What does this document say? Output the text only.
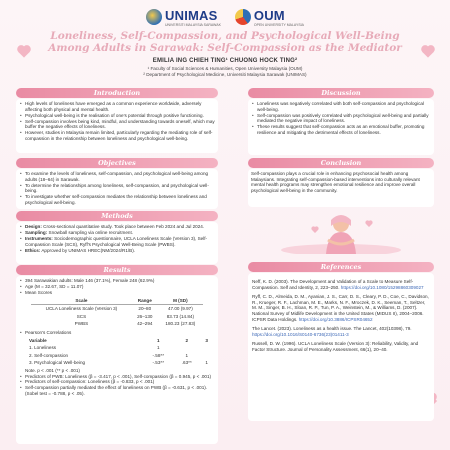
UNIMAS
UNIVERSITI MALAYSIA SARAWAK
OUM
OPEN UNIVERSITY MALAYSIA
Loneliness, Self-Compassion, and Psychological Well-Being Among Adults in Sarawak: Self-Compassion as the Mediator
EMILIA ING CHIEH TING¹ CHUONG HOCK TING²
¹ Faculty of Social Sciences & Humanities, Open University Malaysia (OUM)
² Department of Psychological Medicine, Universiti Malaysia Sarawak (UNIMAS)
Introduction
• High levels of loneliness have emerged as a common experience worldwide, adversely affecting both physical and mental health.
• Psychological well-being is the realisation of one's potential through positive functioning.
• Self-compassion involves being kind, mindful, and understanding towards oneself, which may buffer the negative effects of loneliness.
• However, studies in Malaysia remain limited, particularly regarding the mediating role of self-compassion in the relationship between loneliness and psychological well-being.
Objectives
• To examine the levels of loneliness, self-compassion, and psychological well-being among adults (18–64) in Sarawak.
• To determine the relationships among loneliness, self-compassion, and psychological well-being.
• To investigate whether self-compassion mediates the relationship between loneliness and psychological well-being.
Methods
• Design: Cross-sectional quantitative study. Took place between Feb 2024 and Jul 2024.
• Sampling: Snowball sampling via online recruitment.
• Instruments: Sociodemographic questionnaire, UCLA Loneliness Scale (Version 3), Self-Compassion Scale (SCS), Ryff's Psychological Well-Being Scale (PWBS).
• Ethics: Approved by UNIMAS HREC(NM/2024/R1/B).
Results
• 394 Sarawakian adults: Male 146 (37.1%), Female 248 (62.9%)
• Age (M = 32.67, SD = 11.07)
• Mean Scores
Scale	Range	M (SD)
UCLA Loneliness Scale (Version 3)	20–80	47.00 (9.97)
SCS	26–130	83.73 (14.84)
PWBS	42–294	180.23 (27.83)
• Pearson's Correlations
Variable	1	2	3
1. Loneliness	1		
2. Self-compassion	-.58**	1	
3. Psychological Well-being	-.53**	.63**	1
Note. p < .001 (** p < .001)
• Predictors of PWB: Loneliness (β = -3.417, p < .001), Self-compassion (β = 0.945, p < .001)
• Predictors of self-compassion: Loneliness (β = -0.833, p < .001)
• Self-compassion partially mediated the effect of loneliness on PWB (β = -0.631, p < .001). (Sobel test = -0.788, p < .05).
Discussion
• Loneliness was negatively correlated with both self-compassion and psychological well-being.
• Self-compassion was positively correlated with psychological well-being and partially mediated the negative impact of loneliness.
• These results suggest that self-compassion acts as an emotional buffer, promoting resilience and mitigating the detrimental effects of loneliness.
Conclusion

Self-compassion plays a crucial role in enhancing psychosocial health among Malaysians. Integrating self-compassion-based interventions into culturally relevant mental health programs may strengthen emotional resilience and improve overall psychological well-being in the community.

References

Neff, K. D. (2003). The Development and Validation of a Scale to Measure Self-Compassion. Self and Identity, 2, 223–250. https://doi.org/10.1080/15298860309027

Ryff, C. D., Almeida, D. M., Ayanian, J. S., Carr, D. S., Cleary, P. D., Coe, C., Davidson, R., Krueger, R. F., Lachman, M. E., Marks, N. F., Mroczek, D. K., Seeman, T., Seltzer, M. M., Singer, B. H., Sloan, R. P., Tun, P. A., Weinstein, M., & Williams, D. (2007). National Survey of Midlife Development in the United States (MIDUS II), 2004–2006. ICPSR Data Holdings. https://doi.org/10.3886/ICPSR04652

The Lancet. (2023). Loneliness as a health issue. The Lancet, 402(10398), 79. https://doi.org/10.1016/S0140-6736(23)01411-3

Russell, D. W. (1996). UCLA Loneliness Scale (Version 3): Reliability, Validity, and Factor Structure. Journal of Personality Assessment, 66(1), 20–40.
